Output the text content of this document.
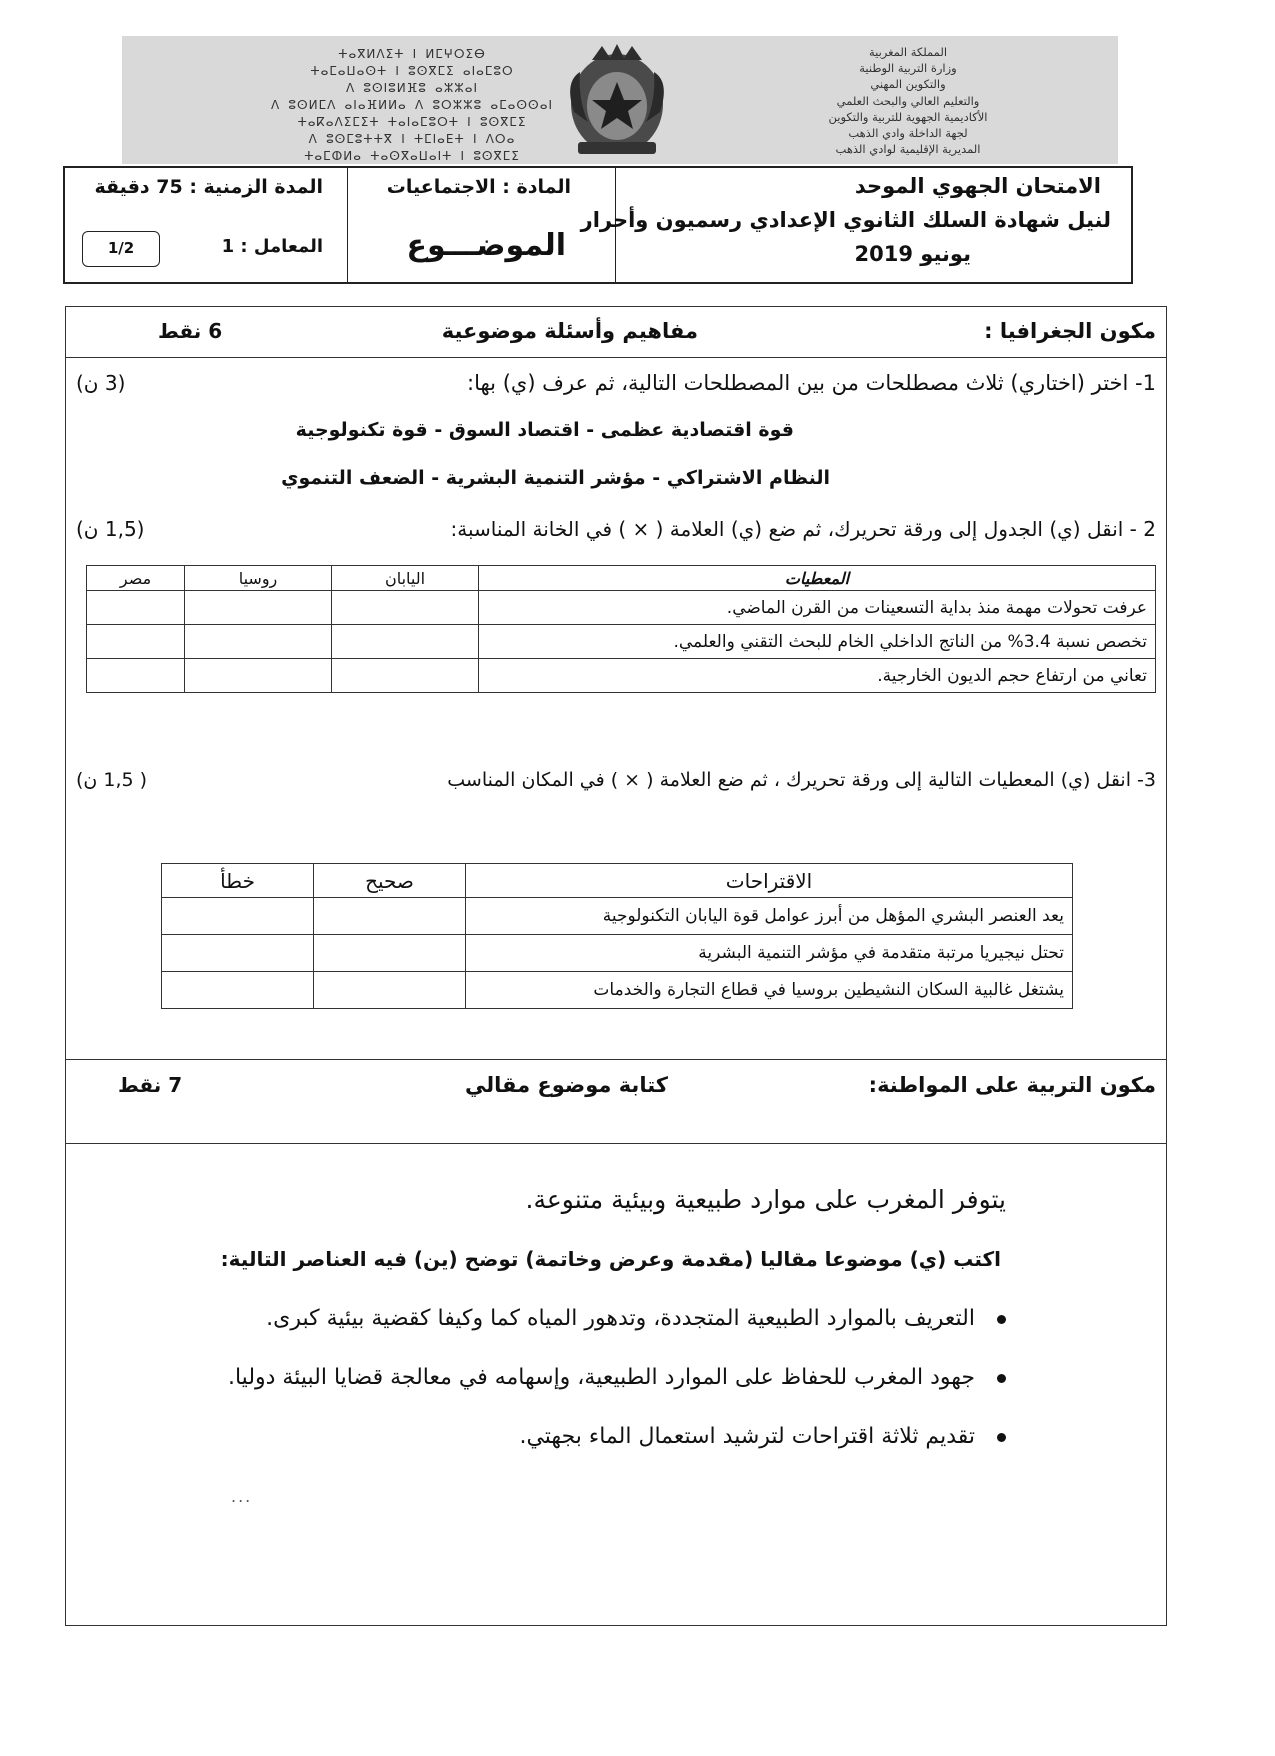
ⵜⴰⴳⵍⴷⵉⵜ ⵏ ⵍⵎⵖⵔⵉⴱ
ⵜⴰⵎⴰⵡⴰⵙⵜ ⵏ ⵓⵙⴳⵎⵉ ⴰⵏⴰⵎⵓⵔ
ⴷ ⵓⵙⵏⵓⵍⴼⵓ ⴰⵣⵣⴰⵏ
ⴷ ⵓⵙⵍⵎⴷ ⴰⵏⴰⴼⵍⵍⴰ ⴷ ⵓⵔⵣⵣⵓ ⴰⵎⴰⵙⵙⴰⵏ
ⵜⴰⴽⴰⴷⵉⵎⵉⵜ ⵜⴰⵏⴰⵎⵓⵔⵜ ⵏ ⵓⵙⴳⵎⵉ
ⴷ ⵓⵙⵎⵓⵜⵜⴳ ⵏ ⵜⵎⵏⴰⴹⵜ ⵏ ⴷⵔⴰ
ⵜⴰⵎⵀⵍⴰ ⵜⴰⵙⴳⴰⵡⴰⵏⵜ ⵏ ⵓⵙⴳⵎⵉ
المملكة المغربية
وزارة التربية الوطنية
والتكوين المهني
والتعليم العالي والبحث العلمي
الأكاديمية الجهوية للتربية والتكوين
لجهة الداخلة وادي الذهب
المديرية الإقليمية لوادي الذهب
الامتحان الجهوي الموحد
لنيل شهادة السلك الثانوي الإعدادي رسميون وأحرار
يونيو 2019
المادة : الاجتماعيات
الموضـــوع
المدة الزمنية : 75 دقيقة
المعامل : 1
1/2
مكون الجغرافيا :
مفاهيم وأسئلة موضوعية
6 نقط
1- اختر (اختاري) ثلاث مصطلحات من بين المصطلحات التالية، ثم عرف (ي) بها:
(3 ن)
قوة اقتصادية عظمى - اقتصاد السوق - قوة تكنولوجية
النظام الاشتراكي - مؤشر التنمية البشرية - الضعف التنموي
2 - انقل (ي) الجدول إلى ورقة تحريرك، ثم ضع (ي) العلامة ( × ) في الخانة المناسبة:
(1,5 ن)
المعطيات	اليابان	روسيا	مصر
عرفت تحولات مهمة منذ بداية التسعينات من القرن الماضي.			
تخصص نسبة 3.4% من الناتج الداخلي الخام للبحث التقني والعلمي.			
تعاني من ارتفاع حجم الديون الخارجية.			
3- انقل (ي) المعطيات التالية إلى ورقة تحريرك ، ثم ضع العلامة ( × ) في المكان المناسب
( 1,5 ن)
الاقتراحات	صحيح	خطأ
يعد العنصر البشري المؤهل من أبرز عوامل قوة اليابان التكنولوجية		
تحتل نيجيريا مرتبة متقدمة في مؤشر التنمية البشرية		
يشتغل غالبية السكان النشيطين بروسيا في قطاع التجارة والخدمات		
مكون التربية على المواطنة:
كتابة موضوع مقالي
7 نقط
يتوفر المغرب على موارد طبيعية وبيئية متنوعة.
اكتب (ي) موضوعا مقاليا (مقدمة وعرض وخاتمة) توضح (ين) فيه العناصر التالية:
التعريف بالموارد الطبيعية المتجددة، وتدهور المياه كما وكيفا كقضية بيئية كبرى.
جهود المغرب للحفاظ على الموارد الطبيعية، وإسهامه في معالجة قضايا البيئة دوليا.
تقديم ثلاثة اقتراحات لترشيد استعمال الماء بجهتي.
...
